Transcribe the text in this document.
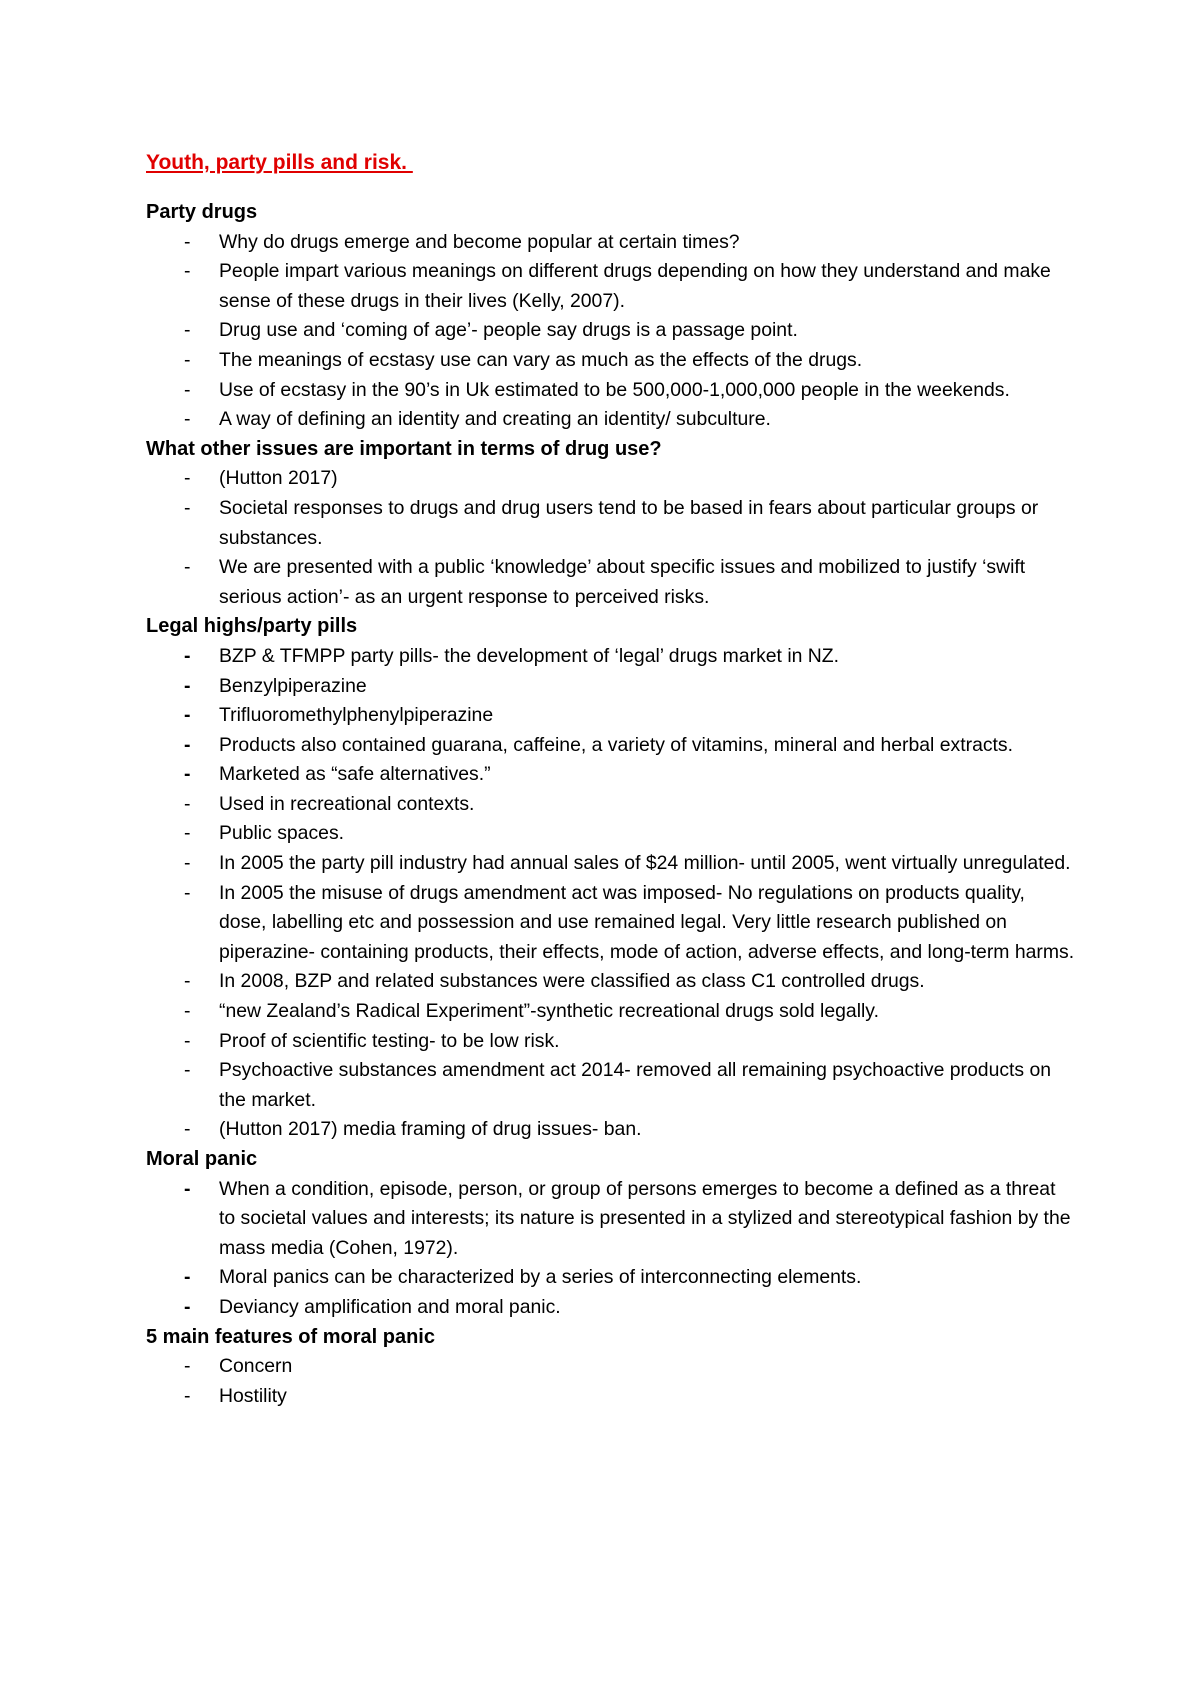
Youth, party pills and risk.
Party drugs
- Why do drugs emerge and become popular at certain times?
- People impart various meanings on different drugs depending on how they understand and make sense of these drugs in their lives (Kelly, 2007).
- Drug use and ‘coming of age’- people say drugs is a passage point.
- The meanings of ecstasy use can vary as much as the effects of the drugs.
- Use of ecstasy in the 90’s in Uk estimated to be 500,000-1,000,000 people in the weekends.
- A way of defining an identity and creating an identity/ subculture.
What other issues are important in terms of drug use?
- (Hutton 2017)
- Societal responses to drugs and drug users tend to be based in fears about particular groups or substances.
- We are presented with a public ‘knowledge’ about specific issues and mobilized to justify ‘swift serious action’- as an urgent response to perceived risks.
Legal highs/party pills
- BZP & TFMPP party pills- the development of ‘legal’ drugs market in NZ.
- Benzylpiperazine
- Trifluoromethylphenylpiperazine
- Products also contained guarana, caffeine, a variety of vitamins, mineral and herbal extracts.
- Marketed as “safe alternatives.”
- Used in recreational contexts.
- Public spaces.
- In 2005 the party pill industry had annual sales of $24 million- until 2005, went virtually unregulated.
- In 2005 the misuse of drugs amendment act was imposed- No regulations on products quality, dose, labelling etc and possession and use remained legal. Very little research published on piperazine- containing products, their effects, mode of action, adverse effects, and long-term harms.
- In 2008, BZP and related substances were classified as class C1 controlled drugs.
- “new Zealand’s Radical Experiment”-synthetic recreational drugs sold legally.
- Proof of scientific testing- to be low risk.
- Psychoactive substances amendment act 2014- removed all remaining psychoactive products on the market.
- (Hutton 2017) media framing of drug issues- ban.
Moral panic
- When a condition, episode, person, or group of persons emerges to become a defined as a threat to societal values and interests; its nature is presented in a stylized and stereotypical fashion by the mass media (Cohen, 1972).
- Moral panics can be characterized by a series of interconnecting elements.
- Deviancy amplification and moral panic.
5 main features of moral panic
- Concern
- Hostility
